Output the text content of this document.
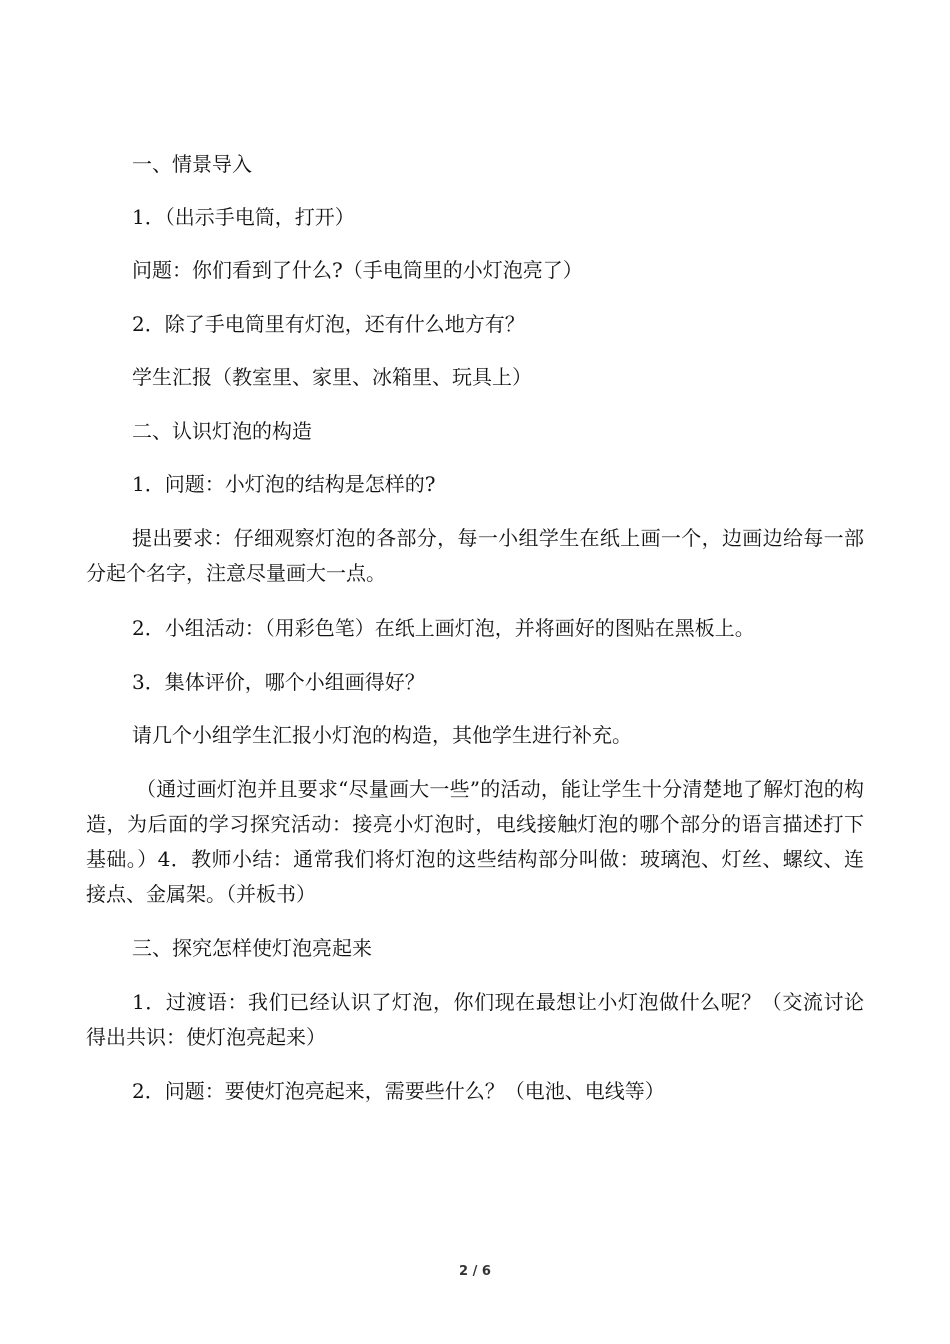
一、情景导入

1．（出示手电筒，打开）

问题：你们看到了什么?（手电筒里的小灯泡亮了）

2．除了手电筒里有灯泡，还有什么地方有？

学生汇报（教室里、家里、冰箱里、玩具上）

二、认识灯泡的构造

1．问题：小灯泡的结构是怎样的?

提出要求：仔细观察灯泡的各部分，每一小组学生在纸上画一个，边画边给每一部分起个名字，注意尽量画大一点。

2．小组活动：（用彩色笔）在纸上画灯泡，并将画好的图贴在黑板上。

3．集体评价，哪个小组画得好？

请几个小组学生汇报小灯泡的构造，其他学生进行补充。

（通过画灯泡并且要求“尽量画大一些”的活动，能让学生十分清楚地了解灯泡的构造，为后面的学习探究活动：接亮小灯泡时，电线接触灯泡的哪个部分的语言描述打下基础。）4．教师小结：通常我们将灯泡的这些结构部分叫做：玻璃泡、灯丝、螺纹、连接点、金属架。（并板书）

三、探究怎样使灯泡亮起来

1．过渡语：我们已经认识了灯泡，你们现在最想让小灯泡做什么呢？（交流讨论得出共识：使灯泡亮起来）

2．问题：要使灯泡亮起来，需要些什么？（电池、电线等）

2 / 6
